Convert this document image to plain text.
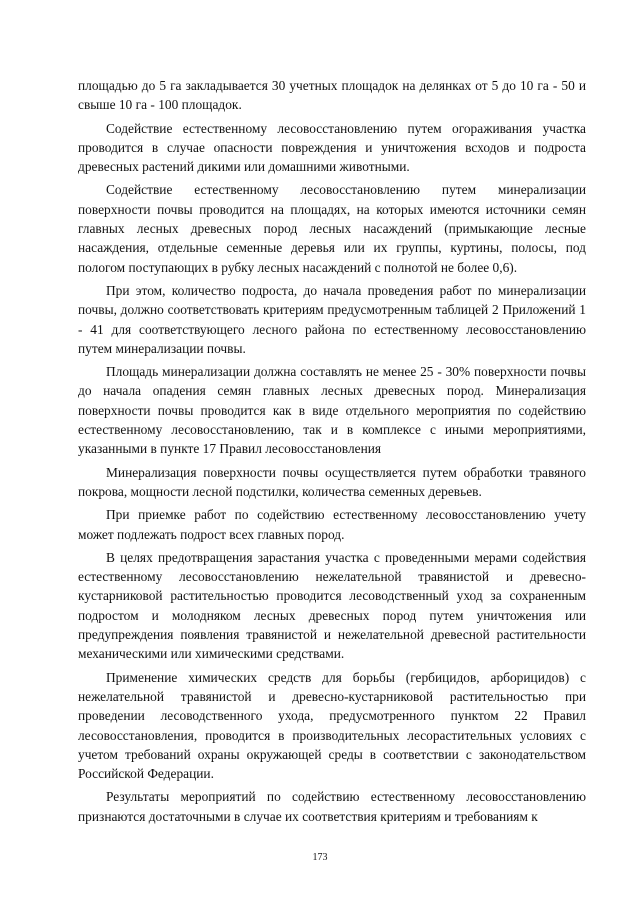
площадью до 5 га закладывается 30 учетных площадок на делянках от 5 до 10 га - 50 и свыше 10 га - 100 площадок.

Содействие естественному лесовосстановлению путем огораживания участка проводится в случае опасности повреждения и уничтожения всходов и подроста древесных растений дикими или домашними животными.

Содействие естественному лесовосстановлению путем минерализации поверхности почвы проводится на площадях, на которых имеются источники семян главных лесных древесных пород лесных насаждений (примыкающие лесные насаждения, отдельные семенные деревья или их группы, куртины, полосы, под пологом поступающих в рубку лесных насаждений с полнотой не более 0,6).

При этом, количество подроста, до начала проведения работ по минерализации почвы, должно соответствовать критериям предусмотренным таблицей 2 Приложений 1 - 41 для соответствующего лесного района по естественному лесовосстановлению путем минерализации почвы.

Площадь минерализации должна составлять не менее 25 - 30% поверхности почвы до начала опадения семян главных лесных древесных пород. Минерализация поверхности почвы проводится как в виде отдельного мероприятия по содействию естественному лесовосстановлению, так и в комплексе с иными мероприятиями, указанными в пункте 17 Правил лесовосстановления

Минерализация поверхности почвы осуществляется путем обработки травяного покрова, мощности лесной подстилки, количества семенных деревьев.

При приемке работ по содействию естественному лесовосстановлению учету может подлежать подрост всех главных пород.

В целях предотвращения зарастания участка с проведенными мерами содействия естественному лесовосстановлению нежелательной травянистой и древесно-кустарниковой растительностью проводится лесоводственный уход за сохраненным подростом и молодняком лесных древесных пород путем уничтожения или предупреждения появления травянистой и нежелательной древесной растительности механическими или химическими средствами.

Применение химических средств для борьбы (гербицидов, арборицидов) с нежелательной травянистой и древесно-кустарниковой растительностью при проведении лесоводственного ухода, предусмотренного пунктом 22 Правил лесовосстановления, проводится в производительных лесорастительных условиях с учетом требований охраны окружающей среды в соответствии с законодательством Российской Федерации.

Результаты мероприятий по содействию естественному лесовосстановлению признаются достаточными в случае их соответствия критериям и требованиям к

173
